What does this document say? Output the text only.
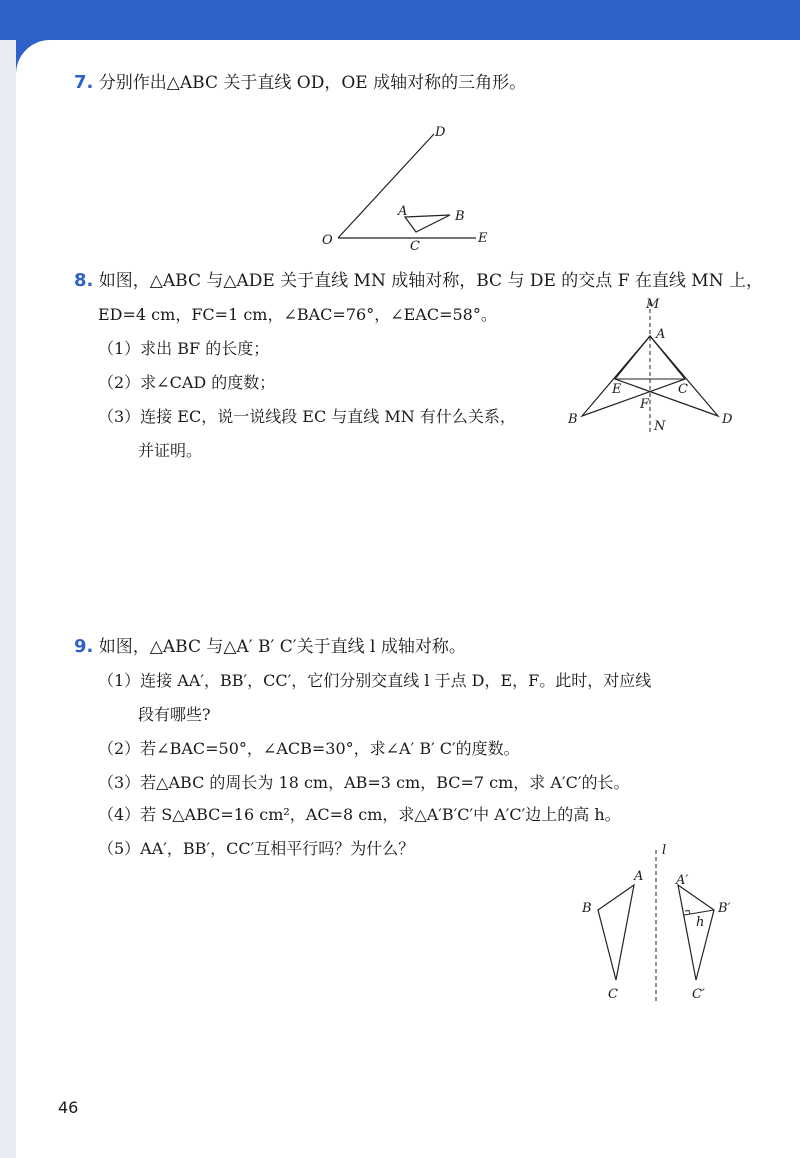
7. 分别作出△ABC 关于直线 OD，OE 成轴对称的三角形。
D
O
A	B
C
E
8. 如图，△ABC 与△ADE 关于直线 MN 成轴对称，BC 与 DE 的交点 F 在直线 MN 上，
ED=4 cm，FC=1 cm，∠BAC=76°，∠EAC=58°。
（1）求出 BF 的长度；
（2）求∠CAD 的度数；
（3）连接 EC，说一说线段 EC 与直线 MN 有什么关系，
并证明。
M
A
E	C
F
B	N	D
9. 如图，△ABC 与△A′ B′ C′关于直线 l 成轴对称。
（1）连接 AA′，BB′，CC′，它们分别交直线 l 于点 D，E，F。此时，对应线
段有哪些?
（2）若∠BAC=50°，∠ACB=30°，求∠A′ B′ C′的度数。
（3）若△ABC 的周长为 18 cm，AB=3 cm，BC=7 cm，求 A′C′的长。
（4）若 S△ABC=16 cm²，AC=8 cm，求△A′B′C′中 A′C′边上的高 h。
（5）AA′，BB′，CC′互相平行吗？为什么？	l
A
B
C
A′
B′
C′
h
46
